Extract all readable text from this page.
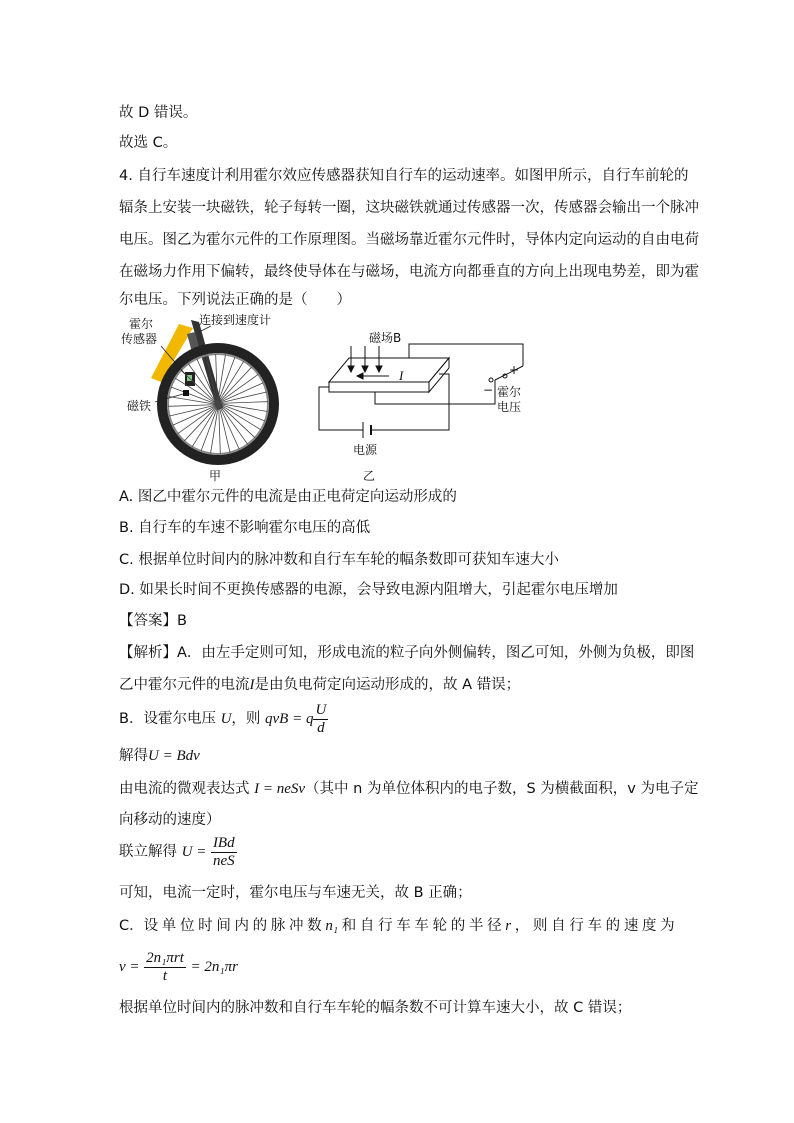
故 D 错误。
故选 C。
4. 自行车速度计利用霍尔效应传感器获知自行车的运动速率。如图甲所示，自行车前轮的
辐条上安装一块磁铁，轮子每转一圈，这块磁铁就通过传感器一次，传感器会输出一个脉冲
电压。图乙为霍尔元件的工作原理图。当磁场靠近霍尔元件时，导体内定向运动的自由电荷
在磁场力作用下偏转，最终使导体在与磁场，电流方向都垂直的方向上出现电势差，即为霍
尔电压。下列说法正确的是（　　）
霍尔
传感器
连接到速度计
磁铁
甲
磁场B
I	+
− 霍尔
电压
电源
乙
A. 图乙中霍尔元件的电流是由正电荷定向运动形成的
B. 自行车的车速不影响霍尔电压的高低
C. 根据单位时间内的脉冲数和自行车车轮的幅条数即可获知车速大小
D. 如果长时间不更换传感器的电源，会导致电源内阻增大，引起霍尔电压增加
【答案】B
【解析】A．由左手定则可知，形成电流的粒子向外侧偏转，图乙可知，外侧为负极，即图
乙中霍尔元件的电流I是由负电荷定向运动形成的，故 A 错误；
B．设霍尔电压 U，则 qvB = q $\frac{U}{d}$
解得U = Bdv
由电流的微观表达式 I = neSv（其中 n 为单位体积内的电子数，S 为横截面积，v 为电子定
向移动的速度）
联立解得 $U = \frac{\text{IBd}}{\text{neS}}$
可知，电流一定时，霍尔电压与车速无关，故 B 正确；
C．设 单 位 时 间 内 的 脉 冲 数 n₁ 和 自 行 车 车 轮 的 半 径 r ， 则 自 行 车 的 速 度 为
$v = \frac{\text{2n₁πrt}}{t} = 2n_1\pi r$
根据单位时间内的脉冲数和自行车车轮的幅条数不可计算车速大小，故 C 错误；
